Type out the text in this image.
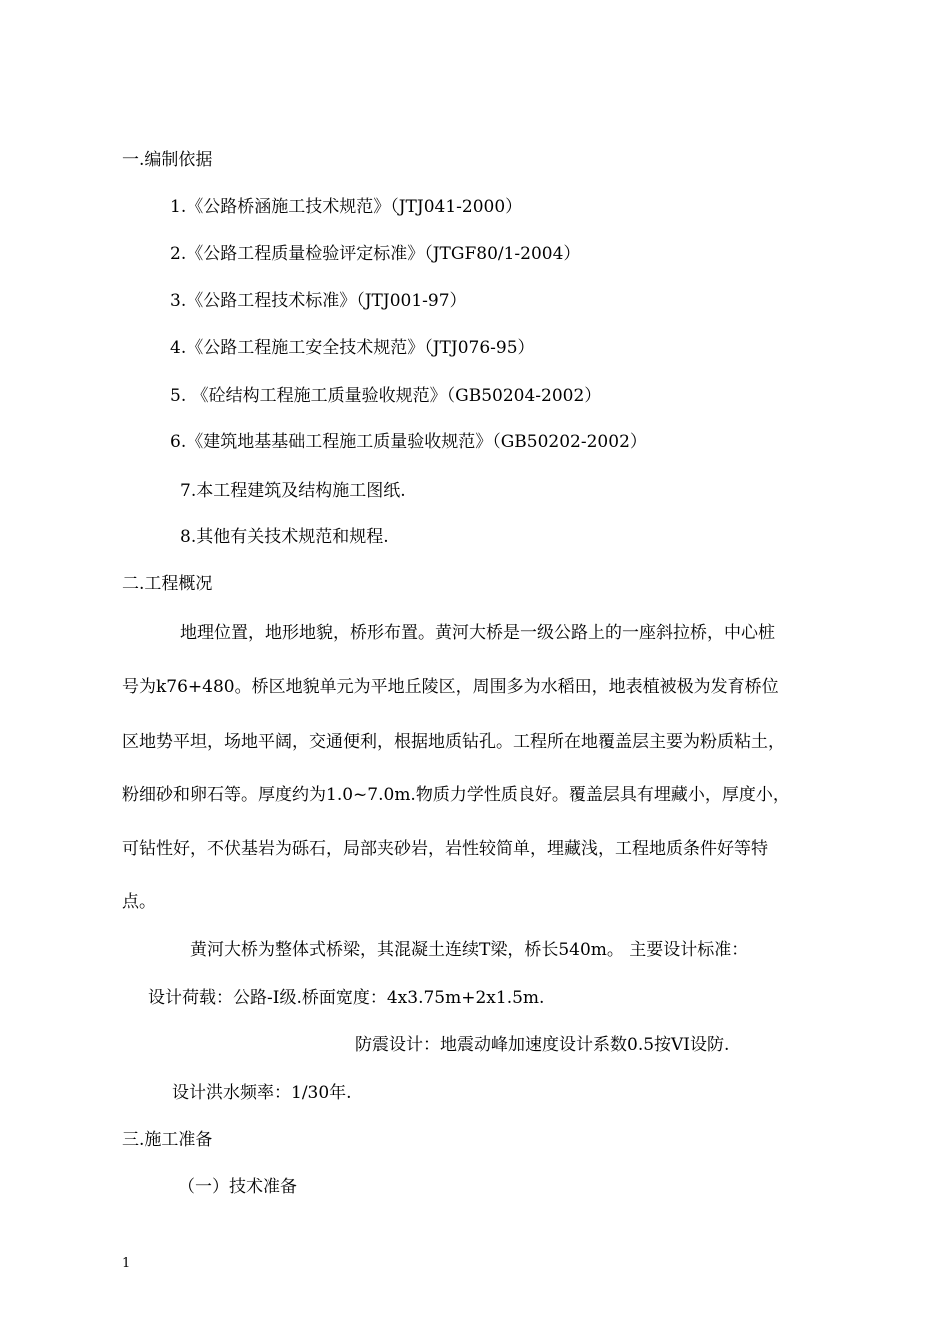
一.编制依据

1.《公路桥涵施工技术规范》（JTJ041-2000）

2.《公路工程质量检验评定标准》（JTGF80/1-2004）

3.《公路工程技术标准》（JTJ001-97）

4.《公路工程施工安全技术规范》（JTJ076-95）

5. 《砼结构工程施工质量验收规范》（GB50204-2002）

6.《建筑地基基础工程施工质量验收规范》（GB50202-2002）

7.本工程建筑及结构施工图纸.

8.其他有关技术规范和规程.

二.工程概况

地理位置，地形地貌，桥形布置。黄河大桥是一级公路上的一座斜拉桥，中心桩

号为k76+480。桥区地貌单元为平地丘陵区，周围多为水稻田，地表植被极为发育桥位

区地势平坦，场地平阔，交通便利，根据地质钻孔。工程所在地覆盖层主要为粉质粘土，

粉细砂和卵石等。厚度约为1.0~7.0m.物质力学性质良好。覆盖层具有埋藏小，厚度小，

可钻性好，不伏基岩为砾石，局部夹砂岩，岩性较简单，埋藏浅，工程地质条件好等特

点。

黄河大桥为整体式桥梁，其混凝土连续T梁，桥长540m。 主要设计标准：

设计荷载：公路-I级.桥面宽度：4x3.75m+2x1.5m.

防震设计：地震动峰加速度设计系数0.5按VI设防.

设计洪水频率：1/30年.

三.施工准备

（一）技术准备

1
